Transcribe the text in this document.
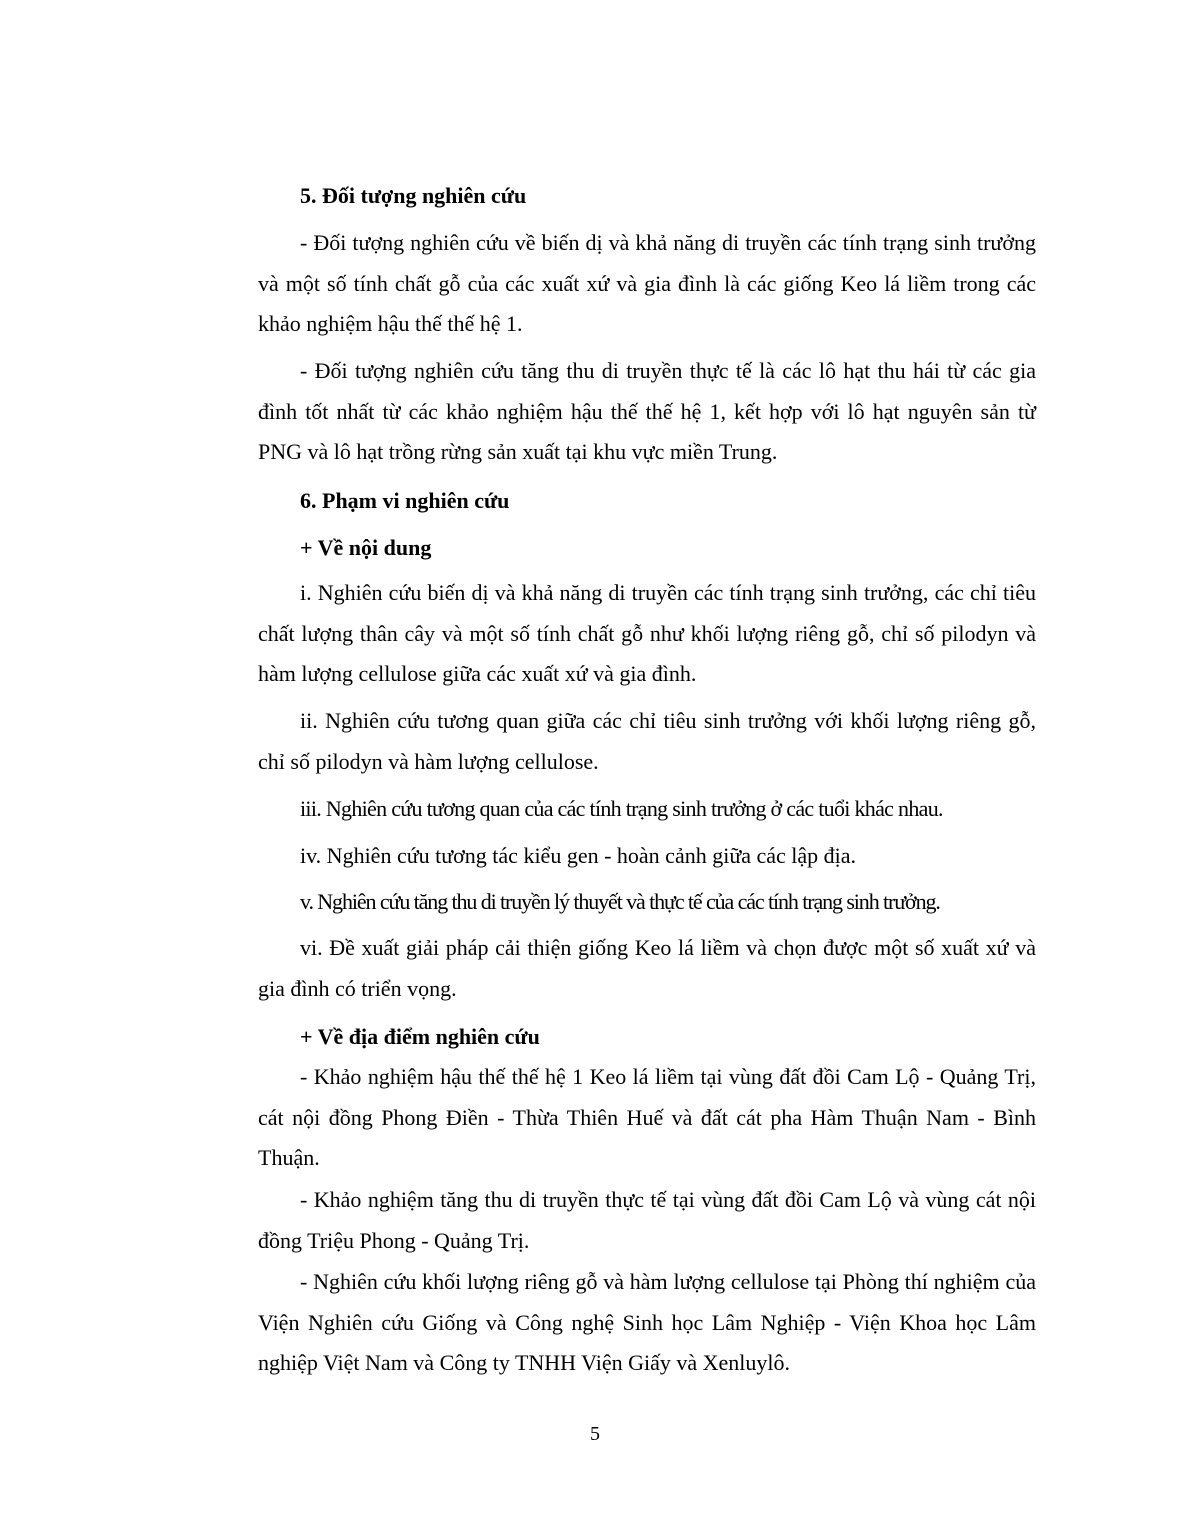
5. Đối tượng nghiên cứu

- Đối tượng nghiên cứu về biến dị và khả năng di truyền các tính trạng sinh trưởng và một số tính chất gỗ của các xuất xứ và gia đình là các giống Keo lá liềm trong các khảo nghiệm hậu thế thế hệ 1.

- Đối tượng nghiên cứu tăng thu di truyền thực tế là các lô hạt thu hái từ các gia đình tốt nhất từ các khảo nghiệm hậu thế thế hệ 1, kết hợp với lô hạt nguyên sản từ PNG và lô hạt trồng rừng sản xuất tại khu vực miền Trung.

6. Phạm vi nghiên cứu
+ Về nội dung

i. Nghiên cứu biến dị và khả năng di truyền các tính trạng sinh trưởng, các chỉ tiêu chất lượng thân cây và một số tính chất gỗ như khối lượng riêng gỗ, chỉ số pilodyn và hàm lượng cellulose giữa các xuất xứ và gia đình.

ii. Nghiên cứu tương quan giữa các chỉ tiêu sinh trưởng với khối lượng riêng gỗ, chỉ số pilodyn và hàm lượng cellulose.

iii. Nghiên cứu tương quan của các tính trạng sinh trưởng ở các tuổi khác nhau.
iv. Nghiên cứu tương tác kiểu gen - hoàn cảnh giữa các lập địa.
v. Nghiên cứu tăng thu di truyền lý thuyết và thực tế của các tính trạng sinh trưởng.

vi. Đề xuất giải pháp cải thiện giống Keo lá liềm và chọn được một số xuất xứ và gia đình có triển vọng.

+ Về địa điểm nghiên cứu

- Khảo nghiệm hậu thế thế hệ 1 Keo lá liềm tại vùng đất đồi Cam Lộ - Quảng Trị, cát nội đồng Phong Điền - Thừa Thiên Huế và đất cát pha Hàm Thuận Nam - Bình Thuận.

- Khảo nghiệm tăng thu di truyền thực tế tại vùng đất đồi Cam Lộ và vùng cát nội đồng Triệu Phong - Quảng Trị.

- Nghiên cứu khối lượng riêng gỗ và hàm lượng cellulose tại Phòng thí nghiệm của Viện Nghiên cứu Giống và Công nghệ Sinh học Lâm Nghiệp - Viện Khoa học Lâm nghiệp Việt Nam và Công ty TNHH Viện Giấy và Xenluylô.

5
